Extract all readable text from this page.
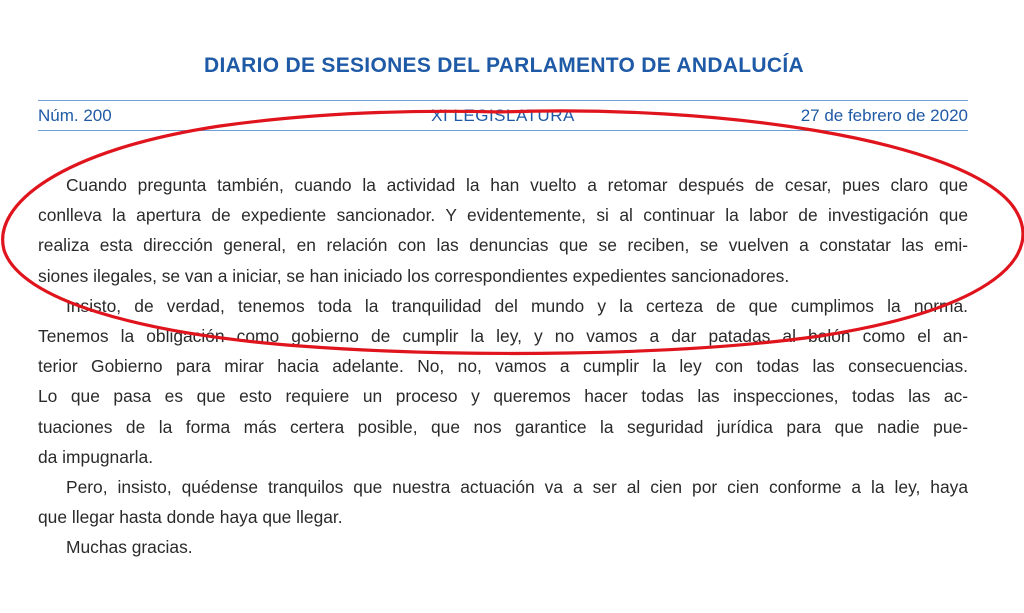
DIARIO DE SESIONES DEL PARLAMENTO DE ANDALUCÍA
Núm. 200	XI LEGISLATURA	27 de febrero de 2020
Cuando pregunta también, cuando la actividad la han vuelto a retomar después de cesar, pues claro que
conlleva la apertura de expediente sancionador. Y evidentemente, si al continuar la labor de investigación que
realiza esta dirección general, en relación con las denuncias que se reciben, se vuelven a constatar las emi-
siones ilegales, se van a iniciar, se han iniciado los correspondientes expedientes sancionadores.
Insisto, de verdad, tenemos toda la tranquilidad del mundo y la certeza de que cumplimos la norma.
Tenemos la obligación como gobierno de cumplir la ley, y no vamos a dar patadas al balón como el an-
terior Gobierno para mirar hacia adelante. No, no, vamos a cumplir la ley con todas las consecuencias.
Lo que pasa es que esto requiere un proceso y queremos hacer todas las inspecciones, todas las ac-
tuaciones de la forma más certera posible, que nos garantice la seguridad jurídica para que nadie pue-
da impugnarla.
Pero, insisto, quédense tranquilos que nuestra actuación va a ser al cien por cien conforme a la ley, haya
que llegar hasta donde haya que llegar.
Muchas gracias.
